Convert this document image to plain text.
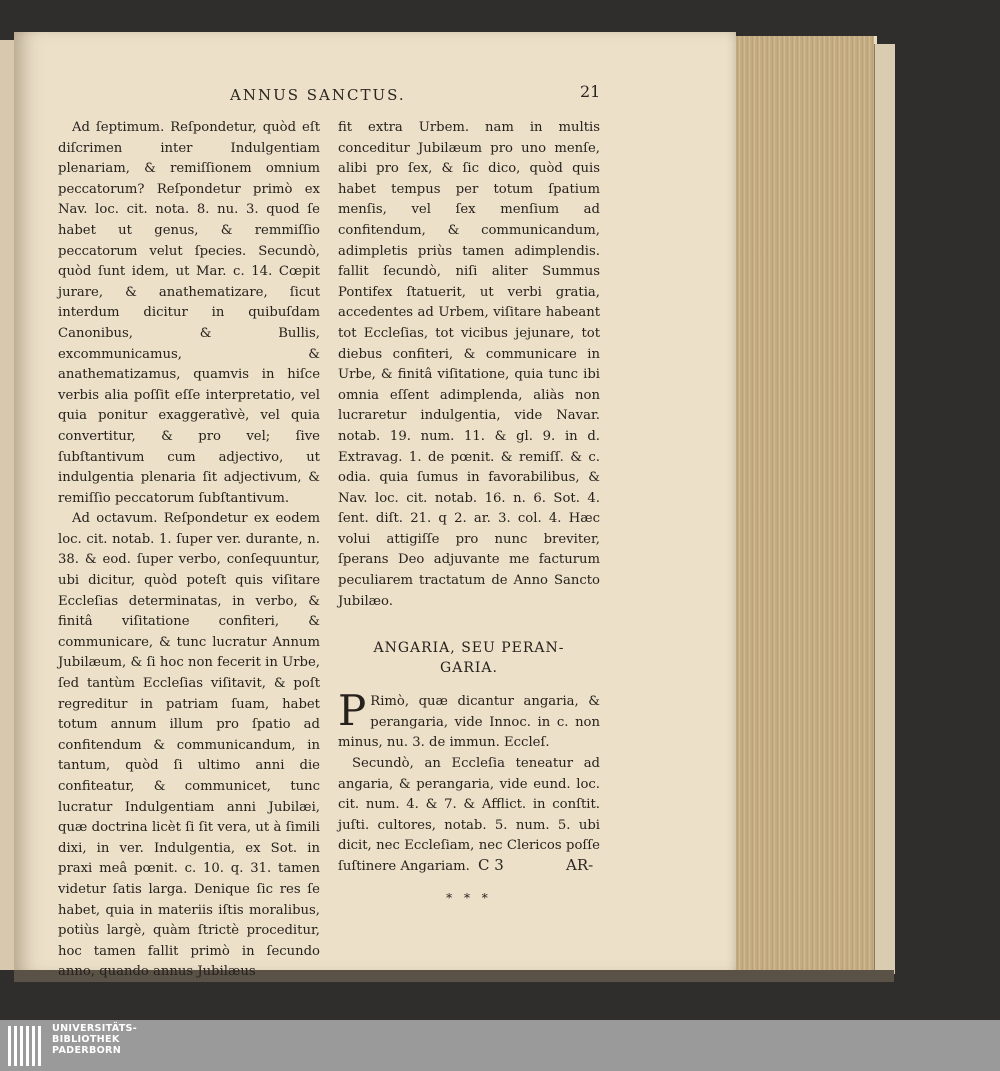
ANNUS SANCTUS.	21

Ad ſeptimum. Reſpondetur, quòd eſt diſcrimen inter Indulgentiam plenariam, & remiſſionem omnium peccatorum? Reſpondetur primò ex Nav. loc. cit. nota. 8. nu. 3. quod ſe habet ut genus, & remmiſſio peccatorum velut ſpecies. Secundò, quòd ſunt idem, ut Mar. c. 14. Cœpit jurare, & anathematizare, ſicut interdum dicitur in quibuſdam Canonibus, & Bullis, excommunicamus, & anathematizamus, quamvis in hiſce verbis alia poſſit eſſe interpretatio, vel quia ponitur exaggeratìvè, vel quia convertitur, & pro vel; ſive ſubſtantivum cum adjectivo, ut indulgentia plenaria ſit adjectivum, & remiſſio peccatorum ſubſtantivum.

Ad octavum. Reſpondetur ex eodem loc. cit. notab. 1. ſuper ver. durante, n. 38. & eod. ſuper verbo, conſequuntur, ubi dicitur, quòd poteſt quis viſitare Eccleſias determinatas, in verbo, & finitâ viſitatione confiteri, & communicare, & tunc lucratur Annum Jubilæum, & ſi hoc non fecerit in Urbe, ſed tantùm Eccleſias viſitavit, & poſt regreditur in patriam ſuam, habet totum annum illum pro ſpatio ad confitendum & communicandum, in tantum, quòd ſi ultimo anni die confiteatur, & communicet, tunc lucratur Indulgentiam anni Jubilæi, quæ doctrina licèt ſi ſit vera, ut à ſimili dixi, in ver. Indulgentia, ex Sot. in praxi meâ pœnit. c. 10. q. 31. tamen videtur ſatis larga. Denique ſic res ſe habet, quia in materiis iſtis moralibus, potiùs largè, quàm ſtrictè proceditur, hoc tamen fallit primò in ſecundo anno, quando annus Jubilæus

fit extra Urbem. nam in multis conceditur Jubilæum pro uno menſe, alibi pro ſex, & ſic dico, quòd quis habet tempus per totum ſpatium menſis, vel ſex menſium ad confitendum, & communicandum, adimpletis priùs tamen adimplendis. fallit ſecundò, niſi aliter Summus Pontifex ſtatuerit, ut verbi gratia, accedentes ad Urbem, viſitare habeant tot Eccleſias, tot vicibus jejunare, tot diebus confiteri, & communicare in Urbe, & finitâ viſitatione, quia tunc ibi omnia eſſent adimplenda, aliàs non lucraretur indulgentia, vide Navar. notab. 19. num. 11. & gl. 9. in d. Extravag. 1. de pœnit. & remiſſ. & c. odia. quia ſumus in favorabilibus, & Nav. loc. cit. notab. 16. n. 6. Sot. 4. ſent. diſt. 21. q 2. ar. 3. col. 4. Hæc volui attigiſſe pro nunc breviter, ſperans Deo adjuvante me facturum peculiarem tractatum de Anno Sancto Jubilæo.

ANGARIA, SEU PERAN-
GARIA.

P Rimò, quæ dicantur angaria, & perangaria, vide Innoc. in c. non minus, nu. 3. de immun. Eccleſ.

Secundò, an Eccleſia teneatur ad angaria, & perangaria, vide eund. loc. cit. num. 4. & 7. & Afflict. in conſtit. juſti. cultores, notab. 5. num. 5. ubi dicit, nec Eccleſiam, nec Clericos poſſe ſuſtinere Angariam.

* * *
C 3	AR-
UNIVERSITÄTS-
BIBLIOTHEK
PADERBORN
